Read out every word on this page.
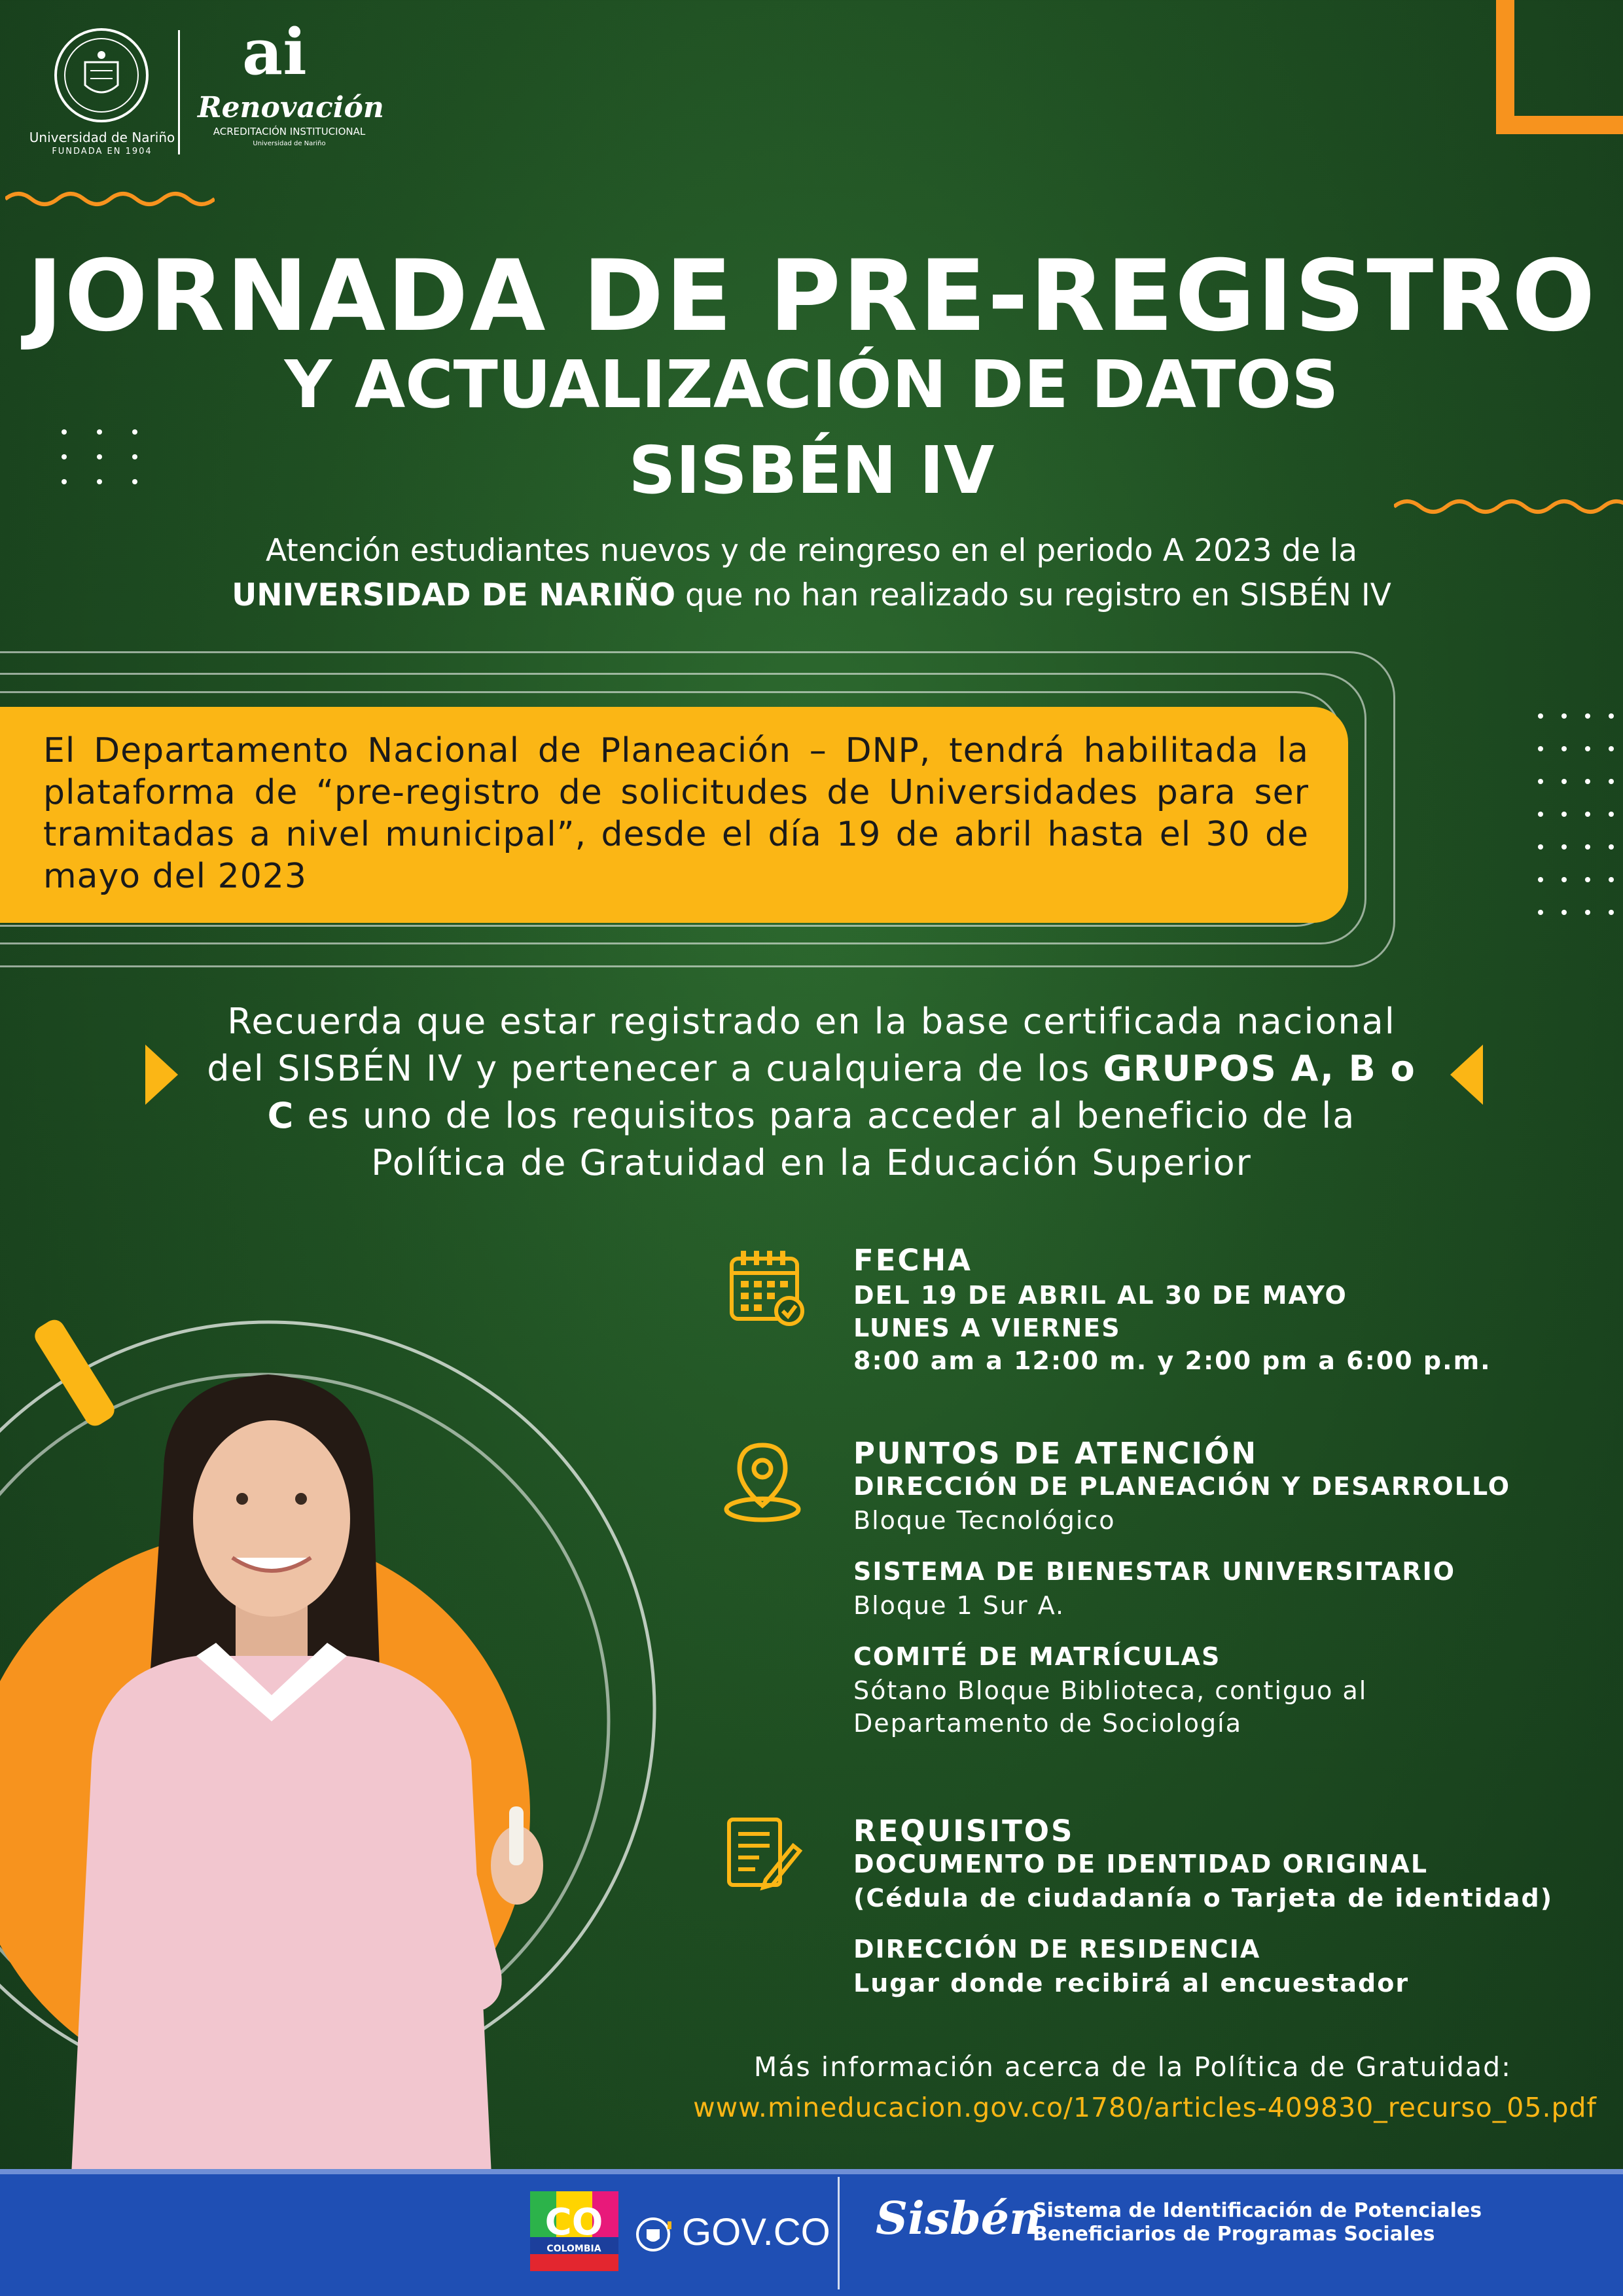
Universidad de Nariño
FUNDADA EN 1904
ai
Renovación
ACREDITACIÓN INSTITUCIONAL
Universidad de Nariño
JORNADA DE PRE-REGISTRO
Y ACTUALIZACIÓN DE DATOS
SISBÉN IV
Atención estudiantes nuevos y de reingreso en el periodo A 2023 de la
UNIVERSIDAD DE NARIÑO que no han realizado su registro en SISBÉN IV
El Departamento Nacional de Planeación – DNP, tendrá habilitada la plataforma de “pre-registro de solicitudes de Universidades para ser tramitadas a nivel municipal”, desde el día 19 de abril hasta el 30 de mayo del 2023
Recuerda que estar registrado en la base certificada nacional del SISBÉN IV y pertenecer a cualquiera de los GRUPOS A, B o C es uno de los requisitos para acceder al beneficio de la Política de Gratuidad en la Educación Superior
FECHA
DEL 19 DE ABRIL AL 30 DE MAYO
LUNES A VIERNES
8:00 am a 12:00 m. y 2:00 pm a 6:00 p.m.
PUNTOS DE ATENCIÓN
DIRECCIÓN DE PLANEACIÓN Y DESARROLLO
Bloque Tecnológico
SISTEMA DE BIENESTAR UNIVERSITARIO
Bloque 1 Sur A.
COMITÉ DE MATRÍCULAS
Sótano Bloque Biblioteca, contiguo al
Departamento de Sociología
REQUISITOS
DOCUMENTO DE IDENTIDAD ORIGINAL
(Cédula de ciudadanía o Tarjeta de identidad)
DIRECCIÓN DE RESIDENCIA
Lugar donde recibirá al encuestador
Más información acerca de la Política de Gratuidad:
www.mineducacion.gov.co/1780/articles-409830_recurso_05.pdf
CO
COLOMBIA GOV.CO Sisbén
Sistema de Identificación de Potenciales Beneficiarios de Programas Sociales
